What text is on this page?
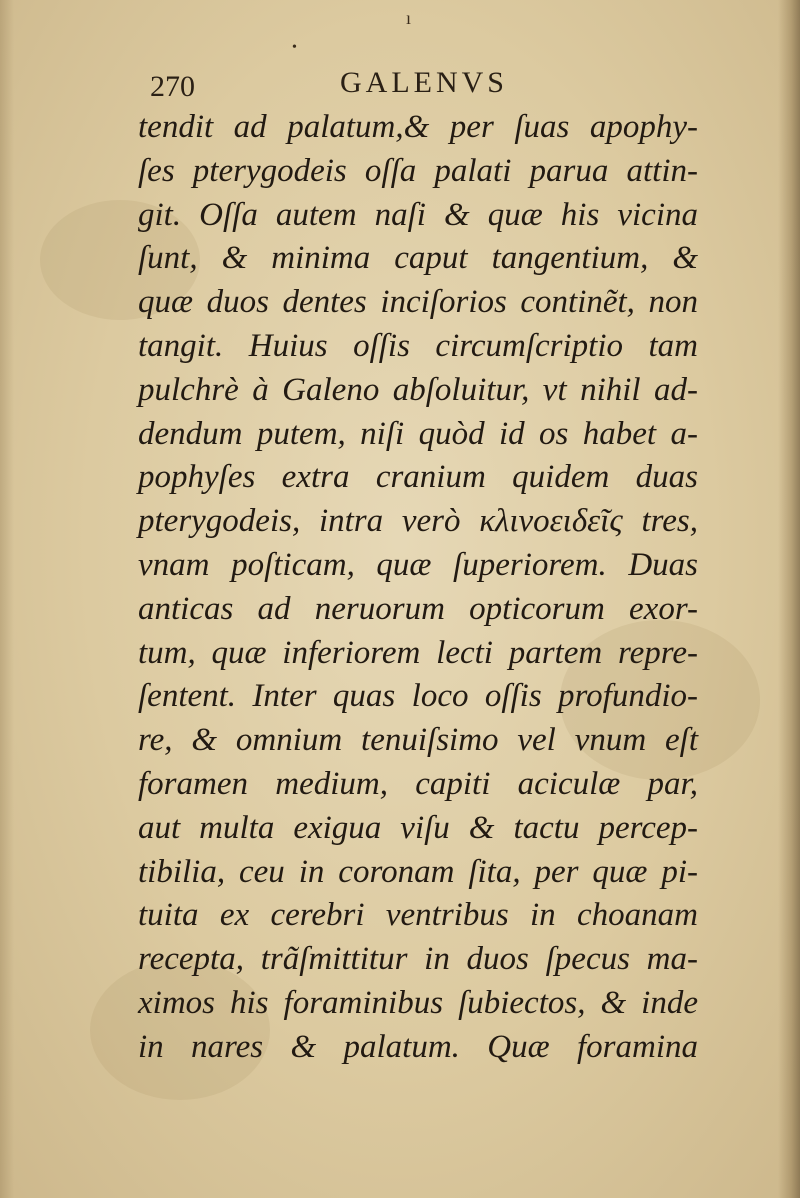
ı
•
270	GALENVS
tendit ad palatum,& per ſuas apophy-
ſes pterygodeis oſſa palati parua attin-
git. Oſſa autem naſi & quæ his vicina
ſunt, & minima caput tangentium, &
quæ duos dentes inciſorios continẽt, non
tangit. Huius oſſis circumſcriptio tam
pulchrè à Galeno abſoluitur, vt nihil ad-
dendum putem, niſi quòd id os habet a-
pophyſes extra cranium quidem duas
pterygodeis, intra verò κλινοειδεῖς tres,
vnam poſticam, quæ ſuperiorem. Duas
anticas ad neruorum opticorum exor-
tum, quæ inferiorem lecti partem repre-
ſentent. Inter quas loco oſſis profundio-
re, & omnium tenuiſsimo vel vnum eſt
foramen medium, capiti aciculæ par,
aut multa exigua viſu & tactu percep-
tibilia, ceu in coronam ſita, per quæ pi-
tuita ex cerebri ventribus in choanam
recepta, trãſmittitur in duos ſpecus ma-
ximos his foraminibus ſubiectos, & inde
in nares & palatum. Quæ foramina
